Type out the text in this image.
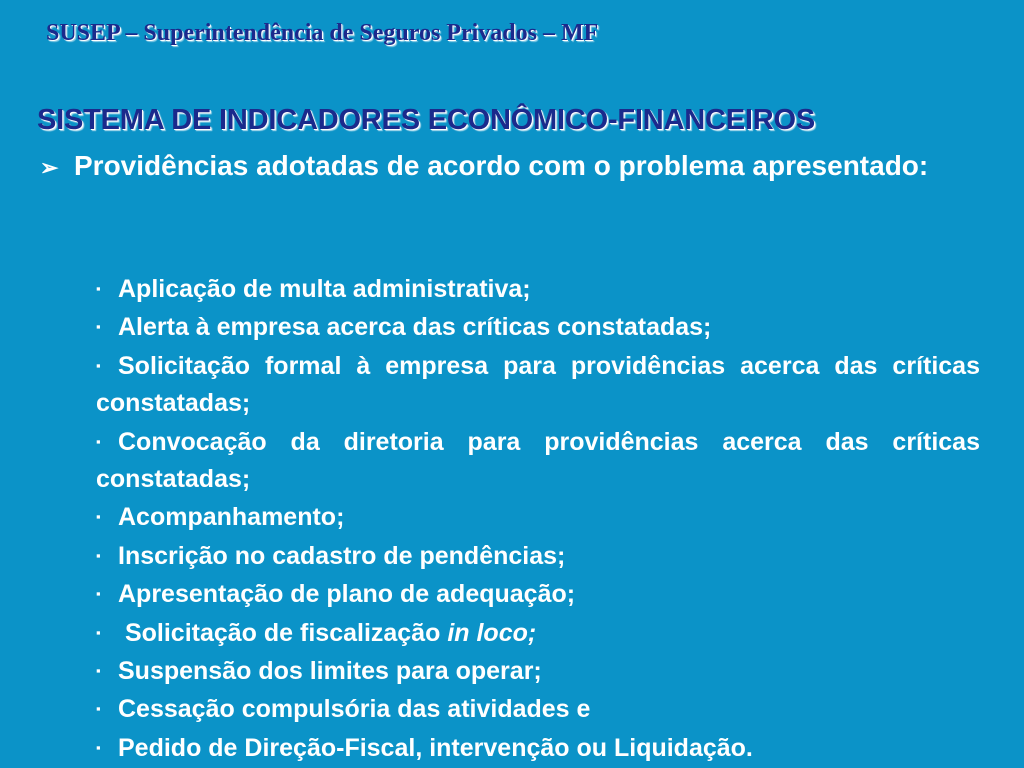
SUSEP – Superintendência de Seguros Privados – MF
SISTEMA DE INDICADORES ECONÔMICO-FINANCEIROS
➢ Providências adotadas de acordo com o problema apresentado:
▪ Aplicação de multa administrativa;
▪ Alerta à empresa acerca das críticas constatadas;
▪ Solicitação formal à empresa para providências acerca das críticas constatadas;
▪ Convocação da diretoria para providências acerca das críticas constatadas;
▪ Acompanhamento;
▪ Inscrição no cadastro de pendências;
▪ Apresentação de plano de adequação;
▪ Solicitação de fiscalização in loco;
▪ Suspensão dos limites para operar;
▪ Cessação compulsória das atividades e
▪ Pedido de Direção-Fiscal, intervenção ou Liquidação.
